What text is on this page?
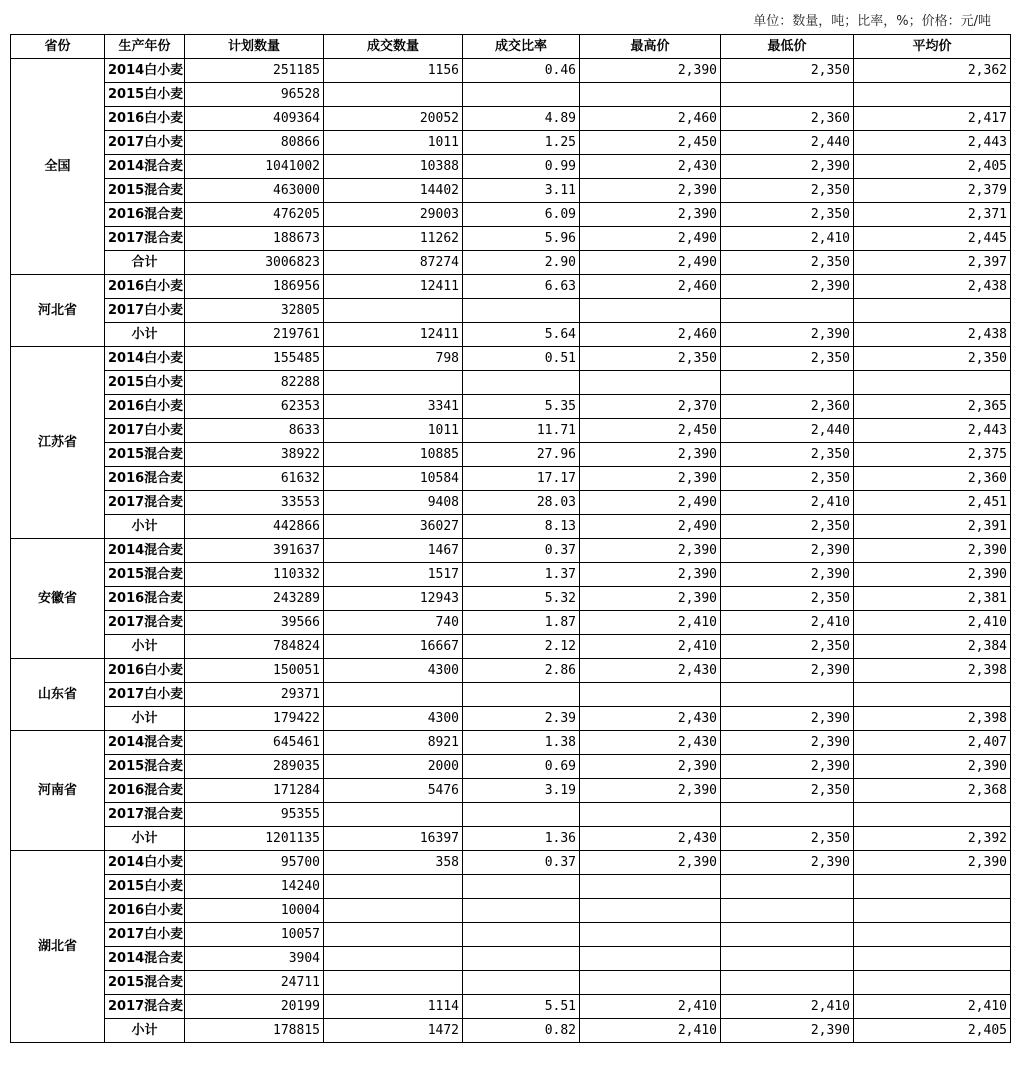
单位：数量，吨；比率，%；价格：元/吨
省份	生产年份	计划数量	成交数量	成交比率	最高价	最低价	平均价
全国	2014白小麦	251185	1156	0.46	2,390	2,350	2,362
	2015白小麦	96528					
	2016白小麦	409364	20052	4.89	2,460	2,360	2,417
	2017白小麦	80866	1011	1.25	2,450	2,440	2,443
	2014混合麦	1041002	10388	0.99	2,430	2,390	2,405
	2015混合麦	463000	14402	3.11	2,390	2,350	2,379
	2016混合麦	476205	29003	6.09	2,390	2,350	2,371
	2017混合麦	188673	11262	5.96	2,490	2,410	2,445
	合计	3006823	87274	2.90	2,490	2,350	2,397
河北省	2016白小麦	186956	12411	6.63	2,460	2,390	2,438
	2017白小麦	32805					
	小计	219761	12411	5.64	2,460	2,390	2,438
江苏省	2014白小麦	155485	798	0.51	2,350	2,350	2,350
	2015白小麦	82288					
	2016白小麦	62353	3341	5.35	2,370	2,360	2,365
	2017白小麦	8633	1011	11.71	2,450	2,440	2,443
	2015混合麦	38922	10885	27.96	2,390	2,350	2,375
	2016混合麦	61632	10584	17.17	2,390	2,350	2,360
	2017混合麦	33553	9408	28.03	2,490	2,410	2,451
	小计	442866	36027	8.13	2,490	2,350	2,391
安徽省	2014混合麦	391637	1467	0.37	2,390	2,390	2,390
	2015混合麦	110332	1517	1.37	2,390	2,390	2,390
	2016混合麦	243289	12943	5.32	2,390	2,350	2,381
	2017混合麦	39566	740	1.87	2,410	2,410	2,410
	小计	784824	16667	2.12	2,410	2,350	2,384
山东省	2016白小麦	150051	4300	2.86	2,430	2,390	2,398
	2017白小麦	29371					
	小计	179422	4300	2.39	2,430	2,390	2,398
河南省	2014混合麦	645461	8921	1.38	2,430	2,390	2,407
	2015混合麦	289035	2000	0.69	2,390	2,390	2,390
	2016混合麦	171284	5476	3.19	2,390	2,350	2,368
	2017混合麦	95355					
	小计	1201135	16397	1.36	2,430	2,350	2,392
湖北省	2014白小麦	95700	358	0.37	2,390	2,390	2,390
	2015白小麦	14240					
	2016白小麦	10004					
	2017白小麦	10057					
	2014混合麦	3904					
	2015混合麦	24711					
	2017混合麦	20199	1114	5.51	2,410	2,410	2,410
	小计	178815	1472	0.82	2,410	2,390	2,405
